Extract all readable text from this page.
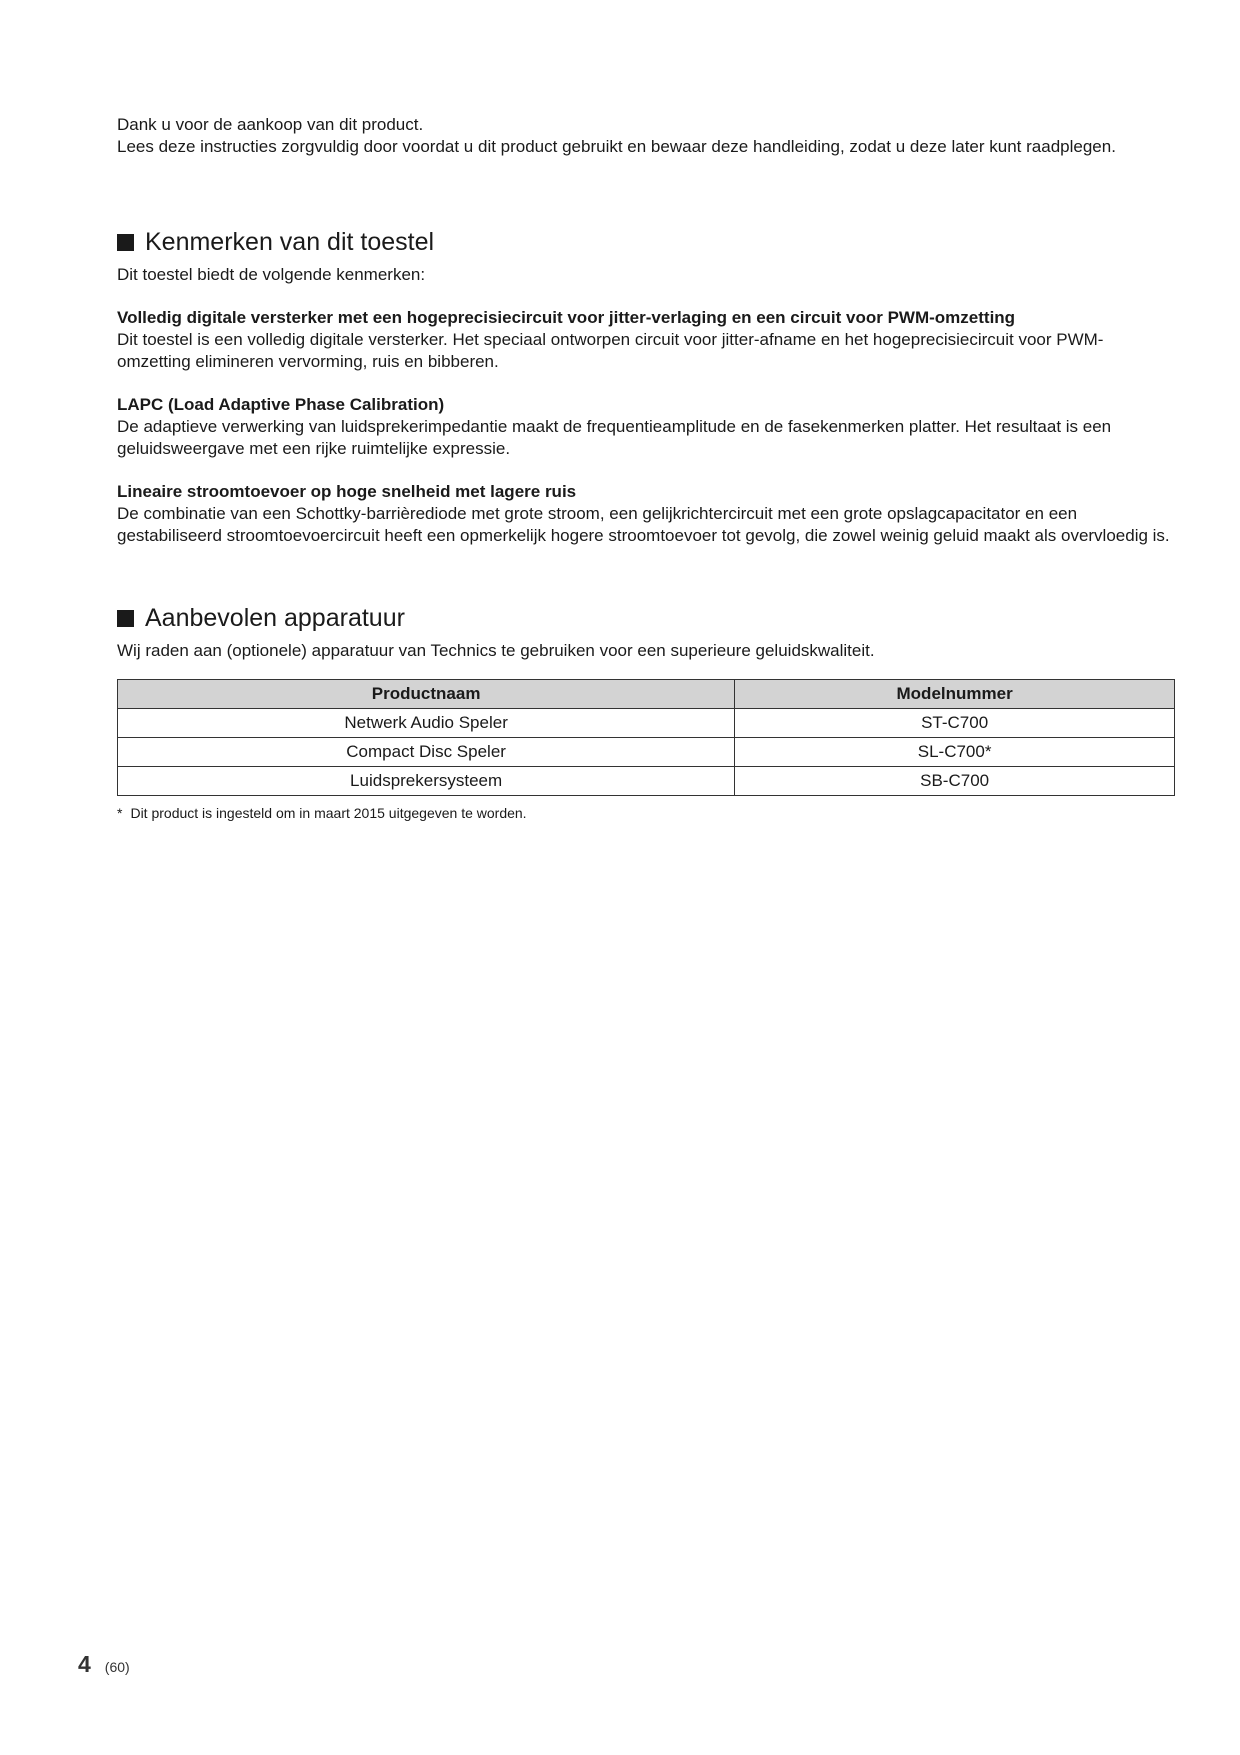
Dank u voor de aankoop van dit product.

Lees deze instructies zorgvuldig door voordat u dit product gebruikt en bewaar deze handleiding, zodat u deze later kunt raadplegen.

Kenmerken van dit toestel

Dit toestel biedt de volgende kenmerken:

Volledig digitale versterker met een hogeprecisiecircuit voor jitter-verlaging en een circuit voor PWM-omzetting

Dit toestel is een volledig digitale versterker. Het speciaal ontworpen circuit voor jitter-afname en het hogeprecisiecircuit voor PWM-omzetting elimineren vervorming, ruis en bibberen.

LAPC (Load Adaptive Phase Calibration)

De adaptieve verwerking van luidsprekerimpedantie maakt de frequentieamplitude en de fasekenmerken platter. Het resultaat is een geluidsweergave met een rijke ruimtelijke expressie.

Lineaire stroomtoevoer op hoge snelheid met lagere ruis

De combinatie van een Schottky-barrièrediode met grote stroom, een gelijkrichtercircuit met een grote opslagcapacitator en een gestabiliseerd stroomtoevoercircuit heeft een opmerkelijk hogere stroomtoevoer tot gevolg, die zowel weinig geluid maakt als overvloedig is.

Aanbevolen apparatuur

Wij raden aan (optionele) apparatuur van Technics te gebruiken voor een superieure geluidskwaliteit.

Productnaam	Modelnummer
Netwerk Audio Speler	ST-C700
Compact Disc Speler	SL-C700*
Luidsprekersysteem	SB-C700
* Dit product is ingesteld om in maart 2015 uitgegeven te worden.
4 (60)
